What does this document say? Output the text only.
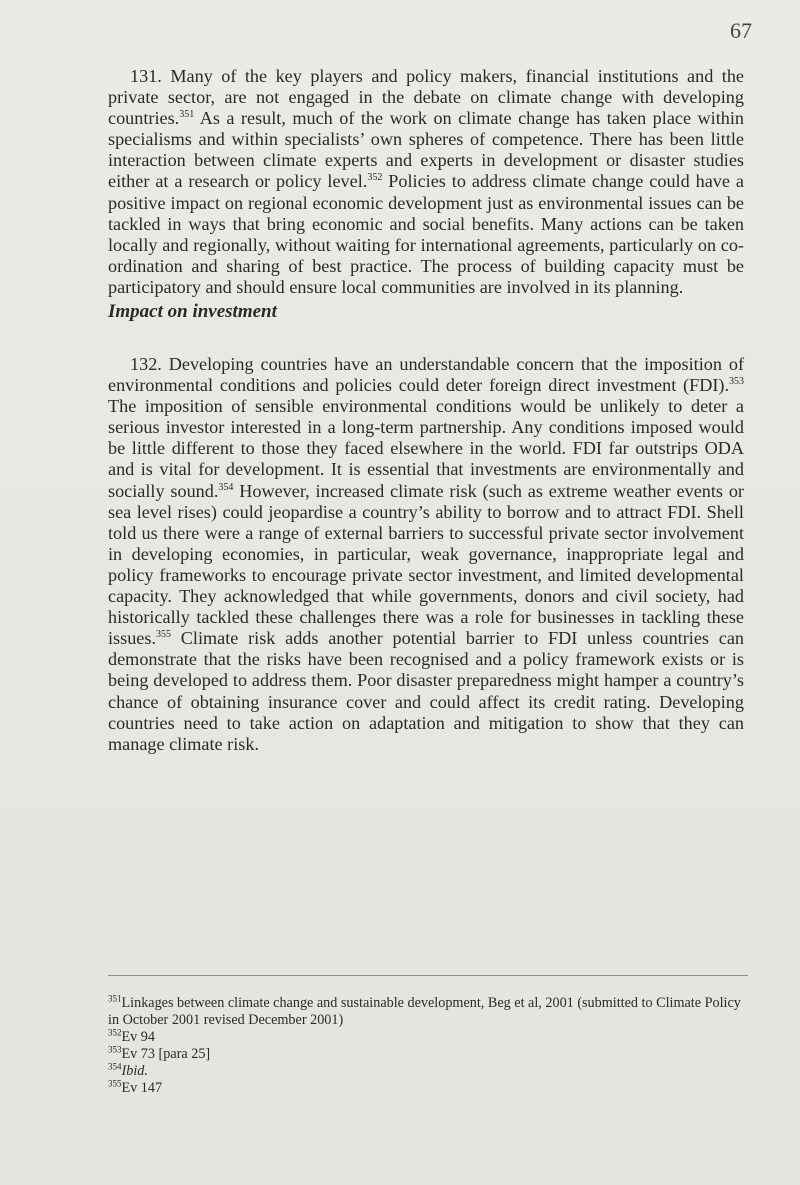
67
131. Many of the key players and policy makers, financial institutions and the private sector, are not engaged in the debate on climate change with developing countries.$^{351}$ As a result, much of the work on climate change has taken place within specialisms and within specialists’ own spheres of competence. There has been little interaction between climate experts and experts in development or disaster studies either at a research or policy level.$^{352}$ Policies to address climate change could have a positive impact on regional economic development just as environmental issues can be tackled in ways that bring economic and social benefits. Many actions can be taken locally and regionally, without waiting for international agreements, particularly on co-ordination and sharing of best practice. The process of building capacity must be participatory and should ensure local communities are involved in its planning.
Impact on investment
132. Developing countries have an understandable concern that the imposition of environmental conditions and policies could deter foreign direct investment (FDI).$^{353}$ The imposition of sensible environmental conditions would be unlikely to deter a serious investor interested in a long-term partnership. Any conditions imposed would be little different to those they faced elsewhere in the world. FDI far outstrips ODA and is vital for development. It is essential that investments are environmentally and socially sound.$^{354}$ However, increased climate risk (such as extreme weather events or sea level rises) could jeopardise a country’s ability to borrow and to attract FDI. Shell told us there were a range of external barriers to successful private sector involvement in developing economies, in particular, weak governance, inappropriate legal and policy frameworks to encourage private sector investment, and limited developmental capacity. They acknowledged that while governments, donors and civil society, had historically tackled these challenges there was a role for businesses in tackling these issues.$^{355}$ Climate risk adds another potential barrier to FDI unless countries can demonstrate that the risks have been recognised and a policy framework exists or is being developed to address them. Poor disaster preparedness might hamper a country’s chance of obtaining insurance cover and could affect its credit rating. Developing countries need to take action on adaptation and mitigation to show that they can manage climate risk.

$^{351}$Linkages between climate change and sustainable development, Beg et al, 2001 (submitted to Climate Policy in October 2001 revised December 2001)

$^{352}$Ev 94

$^{353}$Ev 73 [para 25]

$^{354}$Ibid.

$^{355}$Ev 147
